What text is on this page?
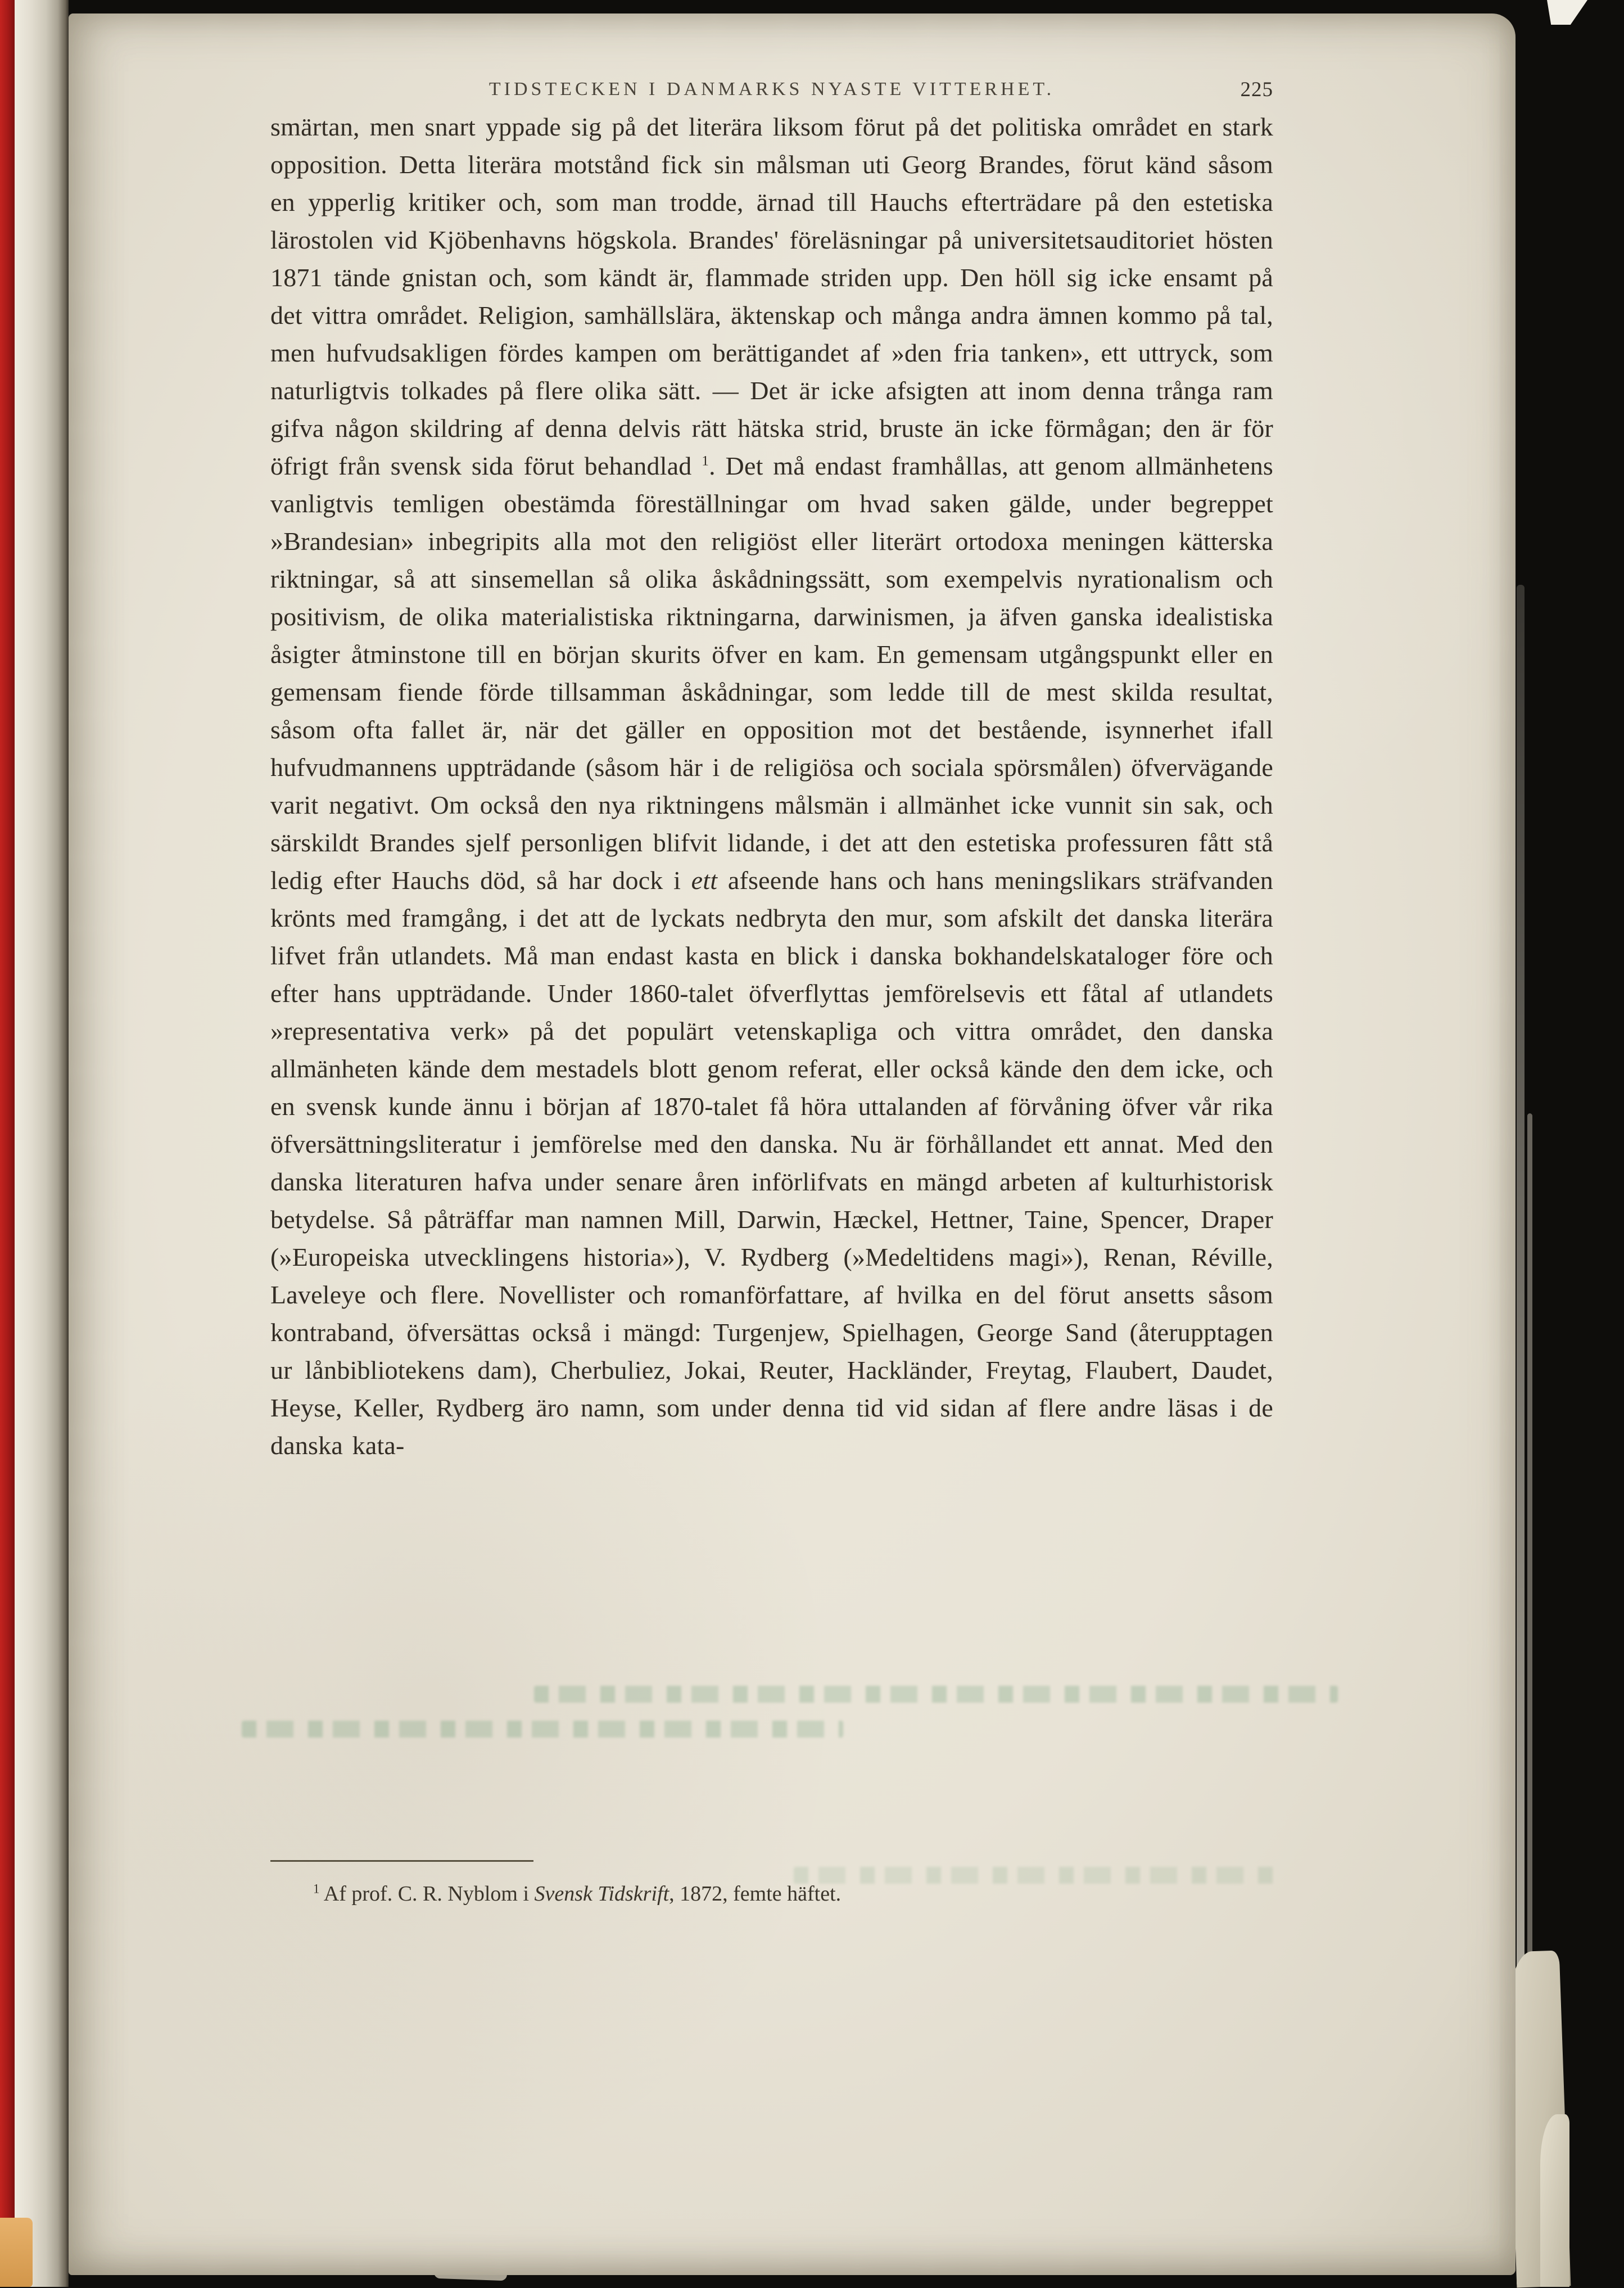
TIDSTECKEN I DANMARKS NYASTE VITTERHET.	225
smärtan, men snart yppade sig på det literära liksom förut på det politiska området en stark opposition. Detta literära motstånd fick sin målsman uti Georg Brandes, förut känd såsom en ypperlig kritiker och, som man trodde, ärnad till Hauchs efterträdare på den estetiska lärostolen vid Kjöbenhavns högskola. Brandes' föreläsningar på universitetsauditoriet hösten 1871 tände gnistan och, som kändt är, flammade striden upp. Den höll sig icke ensamt på det vittra området. Religion, samhällslära, äktenskap och många andra ämnen kommo på tal, men hufvudsakligen fördes kampen om berättigandet af »den fria tanken», ett uttryck, som naturligtvis tolkades på flere olika sätt. — Det är icke afsigten att inom denna trånga ram gifva någon skildring af denna delvis rätt hätska strid, bruste än icke förmågan; den är för öfrigt från svensk sida förut behandlad $^1$. Det må endast framhållas, att genom allmänhetens vanligtvis temligen obestämda föreställningar om hvad saken gälde, under begreppet »Brandesian» inbegripits alla mot den religiöst eller literärt ortodoxa meningen kätterska riktningar, så att sinsemellan så olika åskådningssätt, som exempelvis nyrationalism och positivism, de olika materialistiska riktningarna, darwinismen, ja äfven ganska idealistiska åsigter åtminstone till en början skurits öfver en kam. En gemensam utgångspunkt eller en gemensam fiende förde tillsamman åskådningar, som ledde till de mest skilda resultat, såsom ofta fallet är, när det gäller en opposition mot det bestående, isynnerhet ifall hufvudmannens uppträdande (såsom här i de religiösa och sociala spörsmålen) öfvervägande varit negativt. Om också den nya riktningens målsmän i allmänhet icke vunnit sin sak, och särskildt Brandes sjelf personligen blifvit lidande, i det att den estetiska professuren fått stå ledig efter Hauchs död, så har dock i ett afseende hans och hans meningslikars sträfvanden krönts med framgång, i det att de lyckats nedbryta den mur, som afskilt det danska literära lifvet från utlandets. Må man endast kasta en blick i danska bokhandelskataloger före och efter hans uppträdande. Under 1860-talet öfverflyttas jemförelsevis ett fåtal af utlandets »representativa verk» på det populärt vetenskapliga och vittra området, den danska allmänheten kände dem mestadels blott genom referat, eller också kände den dem icke, och en svensk kunde ännu i början af 1870-talet få höra uttalanden af förvåning öfver vår rika öfversättningsliteratur i jemförelse med den danska. Nu är förhållandet ett annat. Med den danska literaturen hafva under senare åren införlifvats en mängd arbeten af kulturhistorisk betydelse. Så påträffar man namnen Mill, Darwin, Hæckel, Hettner, Taine, Spencer, Draper (»Europeiska utvecklingens historia»), V. Rydberg (»Medeltidens magi»), Renan, Réville, Laveleye och flere. Novellister och romanförfattare, af hvilka en del förut ansetts såsom kontraband, öfversättas också i mängd: Turgenjew, Spielhagen, George Sand (återupptagen ur lånbibliotekens dam), Cherbuliez, Jokai, Reuter, Hackländer, Freytag, Flaubert, Daudet, Heyse, Keller, Rydberg äro namn, som under denna tid vid sidan af flere andre läsas i de danska kata-
$^1$ Af prof. C. R. Nyblom i Svensk Tidskrift, 1872, femte häftet.
